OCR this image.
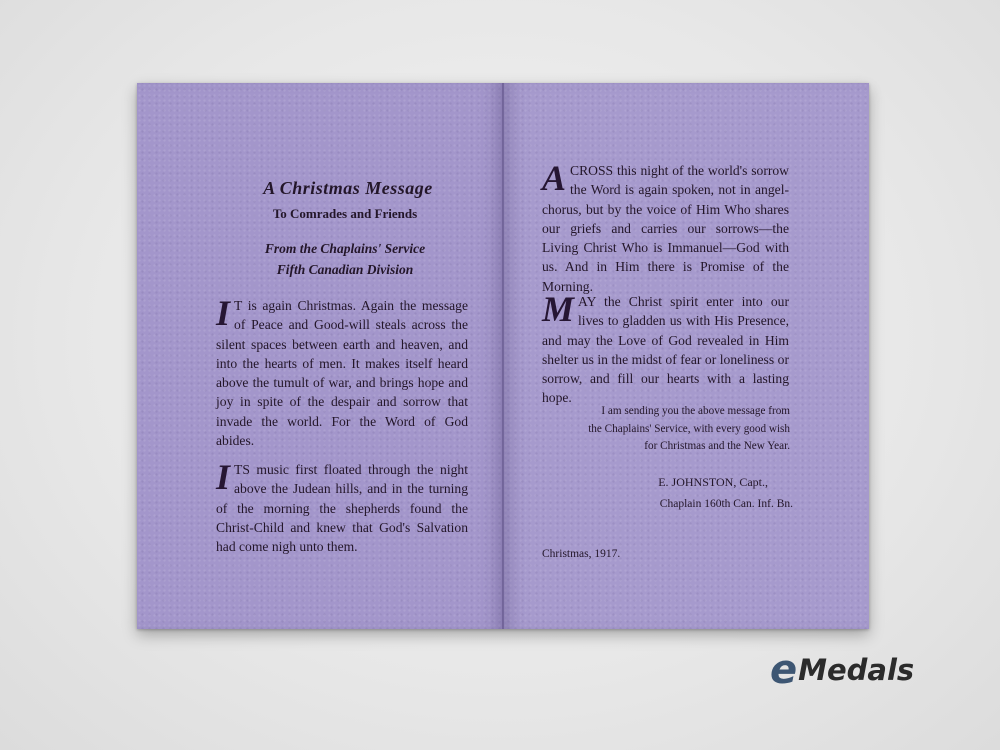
A Christmas Message

To Comrades and Friends

From the Chaplains' Service

Fifth Canadian Division

I T is again Christmas. Again the message of Peace and Good-will steals across the silent spaces between earth and heaven, and into the hearts of men. It makes itself heard above the tumult of war, and brings hope and joy in spite of the despair and sorrow that invade the world. For the Word of God abides.

ITS music first floated through the night above the Judean hills, and in the turning of the morning the shepherds found the Christ-Child and knew that God's Salvation had come nigh unto them.

ACROSS this night of the world's sorrow the Word is again spoken, not in angel-chorus, but by the voice of Him Who shares our griefs and carries our sorrows—the Living Christ Who is Immanuel—God with us. And in Him there is Promise of the Morning.

MAY the Christ spirit enter into our lives to gladden us with His Presence, and may the Love of God revealed in Him shelter us in the midst of fear or loneliness or sorrow, and fill our hearts with a lasting hope.

I am sending you the above message from the Chaplains' Service, with every good wish for Christmas and the New Year.

E. JOHNSTON, Capt.,

Chaplain 160th Can. Inf. Bn.

Christmas, 1917.

e Medals
